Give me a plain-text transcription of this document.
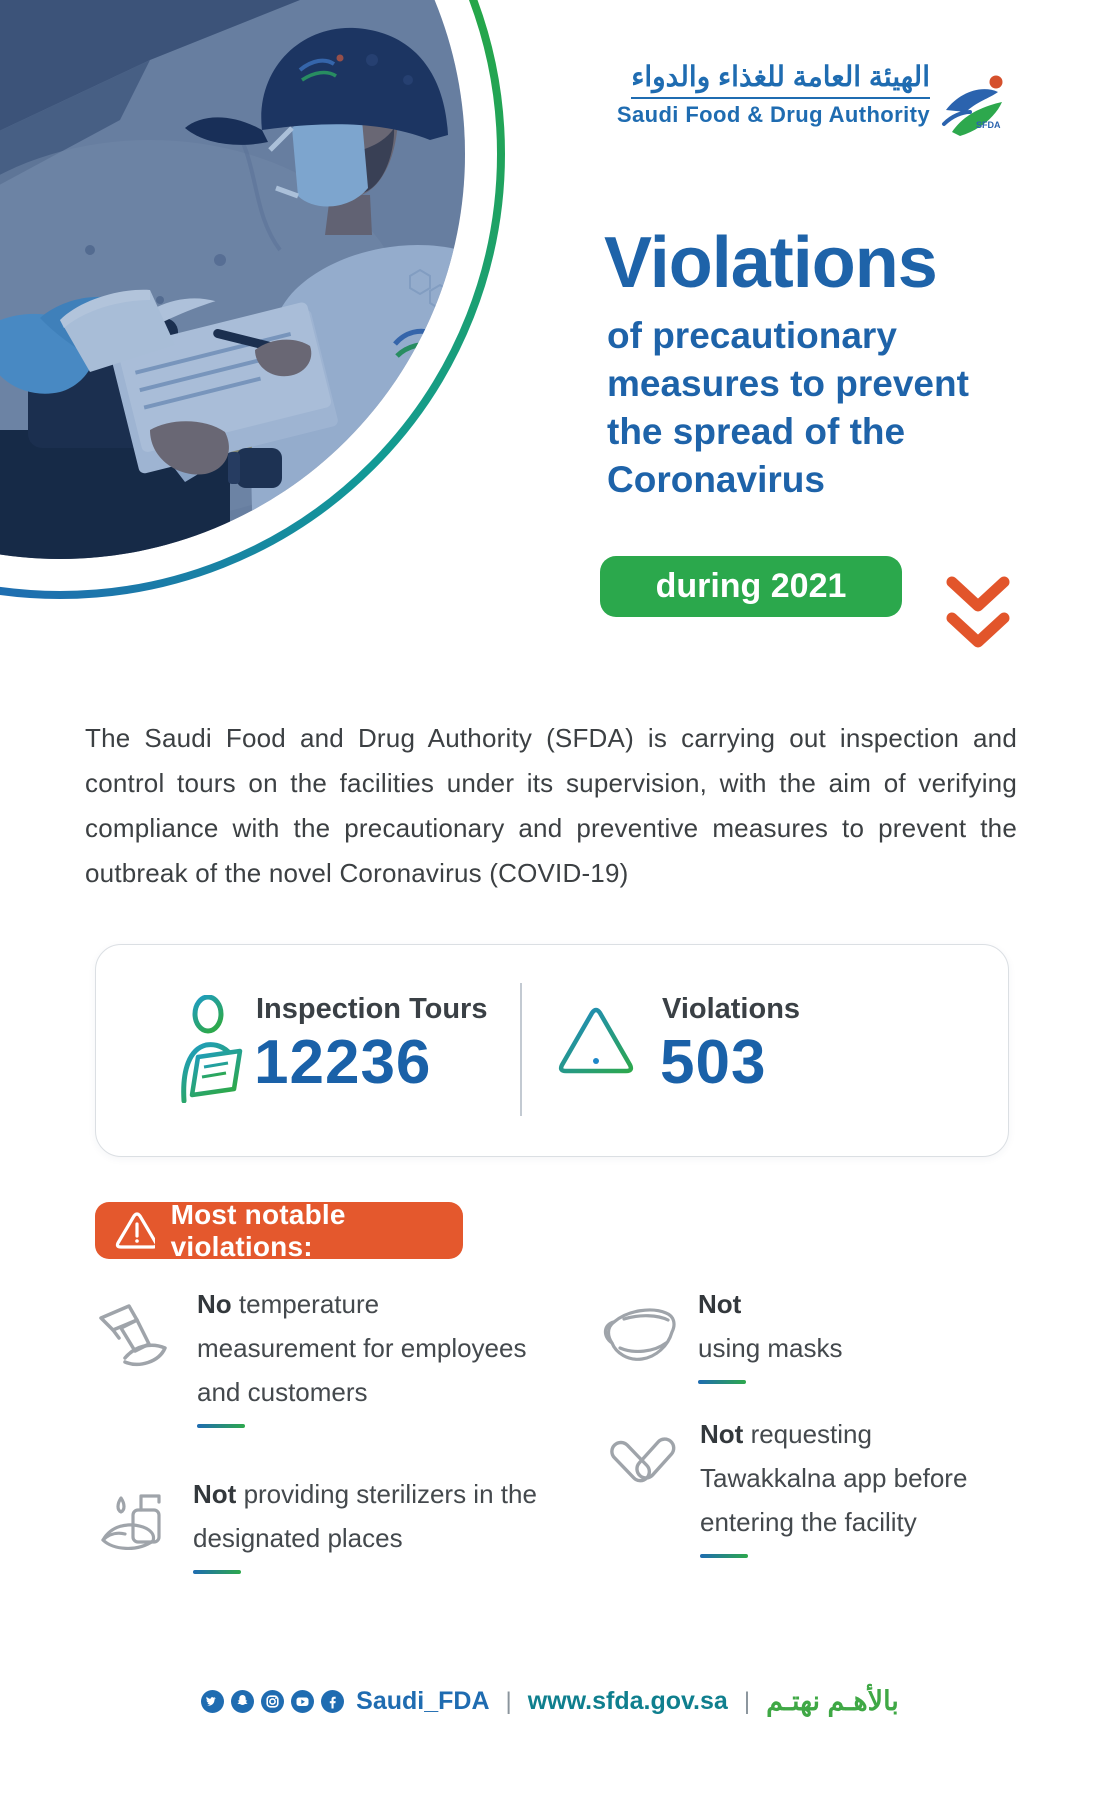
الهيئة العامة للغذاء والدواء
Saudi Food & Drug Authority	SFDA
Violations
of precautionary
measures to prevent
the spread of the
Coronavirus
during 2021

The Saudi Food and Drug Authority (SFDA) is carrying out inspection and control tours on the facilities under its supervision, with the aim of verifying compliance with the precautionary and preventive measures to prevent the outbreak of the novel Coronavirus (COVID-19)

Inspection Tours
12236
Violations
503
Most notable violations:
No temperature measurement for employees and customers
Not
using masks
Not providing sterilizers in the designated places
Not requesting Tawakkalna app before entering the facility
Saudi_FDA | www.sfda.gov.sa | بالأهـم نهتـم
